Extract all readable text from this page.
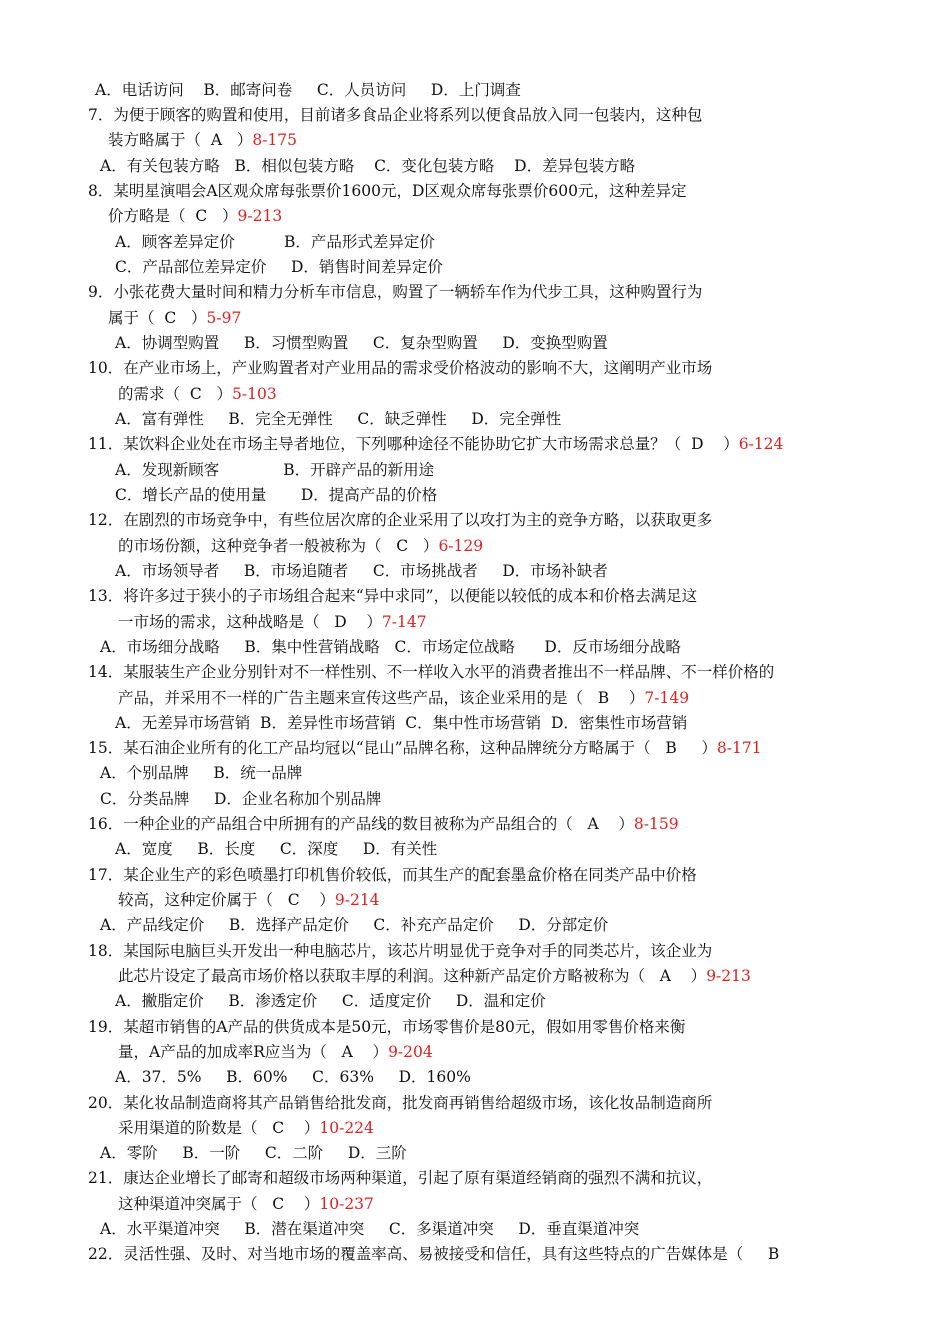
A．电话访问    B．邮寄问卷     C．人员访问     D．上门调查
7．为便于顾客的购置和使用，目前诸多食品企业将系列以便食品放入同一包装内，这种包
装方略属于（  A   ）8-175
A．有关包装方略   B．相似包装方略    C．变化包装方略    D．差异包装方略
8．某明星演唱会A区观众席每张票价1600元，D区观众席每张票价600元，这种差异定
价方略是（  C   ）9-213
A．顾客差异定价          B．产品形式差异定价
C．产品部位差异定价     D．销售时间差异定价
9．小张花费大量时间和精力分析车市信息，购置了一辆轿车作为代步工具，这种购置行为
属于（  C   ）5-97
A．协调型购置     B．习惯型购置     C．复杂型购置     D．变换型购置
10．在产业市场上，产业购置者对产业用品的需求受价格波动的影响不大，这阐明产业市场
的需求（  C   ）5-103
A．富有弹性     B．完全无弹性     C．缺乏弹性     D．完全弹性
11．某饮料企业处在市场主导者地位，下列哪种途径不能协助它扩大市场需求总量？（  D    ）6-124
A．发现新顾客             B．开辟产品的新用途
C．增长产品的使用量       D．提高产品的价格
12．在剧烈的市场竞争中，有些位居次席的企业采用了以攻打为主的竞争方略，以获取更多
的市场份额，这种竞争者一般被称为（   C   ）6-129
A．市场领导者     B．市场追随者     C．市场挑战者     D．市场补缺者
13．将许多过于狭小的子市场组合起来“异中求同”，以便能以较低的成本和价格去满足这
一市场的需求，这种战略是（   D    ）7-147
A．市场细分战略     B．集中性营销战略   C．市场定位战略      D．反市场细分战略
14．某服装生产企业分别针对不一样性别、不一样收入水平的消费者推出不一样品牌、不一样价格的
产品，并采用不一样的广告主题来宣传这些产品，该企业采用的是（   B    ）7-149
A．无差异市场营销  B．差异性市场营销  C．集中性市场营销  D．密集性市场营销
15．某石油企业所有的化工产品均冠以“昆山”品牌名称，这种品牌统分方略属于（   B     ）8-171
A．个别品牌     B．统一品牌
C．分类品牌     D．企业名称加个别品牌
16．一种企业的产品组合中所拥有的产品线的数目被称为产品组合的（   A    ）8-159
A．宽度     B．长度     C．深度     D．有关性
17．某企业生产的彩色喷墨打印机售价较低，而其生产的配套墨盒价格在同类产品中价格
较高，这种定价属于（   C    ）9-214
A．产品线定价     B．选择产品定价     C．补充产品定价     D．分部定价
18．某国际电脑巨头开发出一种电脑芯片，该芯片明显优于竞争对手的同类芯片，该企业为
此芯片设定了最高市场价格以获取丰厚的利润。这种新产品定价方略被称为（   A    ）9-213
A．撇脂定价     B．渗透定价     C．适度定价     D．温和定价
19．某超市销售的A产品的供货成本是50元，市场零售价是80元，假如用零售价格来衡
量，A产品的加成率R应当为（   A    ）9-204
A．37．5%     B．60%     C．63%     D．160%
20．某化妆品制造商将其产品销售给批发商，批发商再销售给超级市场，该化妆品制造商所
采用渠道的阶数是（   C    ）10-224
A．零阶     B．一阶     C．二阶     D．三阶
21．康达企业增长了邮寄和超级市场两种渠道，引起了原有渠道经销商的强烈不满和抗议，
这种渠道冲突属于（   C    ）10-237
A．水平渠道冲突     B．潜在渠道冲突     C．多渠道冲突     D．垂直渠道冲突
22．灵活性强、及时、对当地市场的覆盖率高、易被接受和信任，具有这些特点的广告媒体是（     B
